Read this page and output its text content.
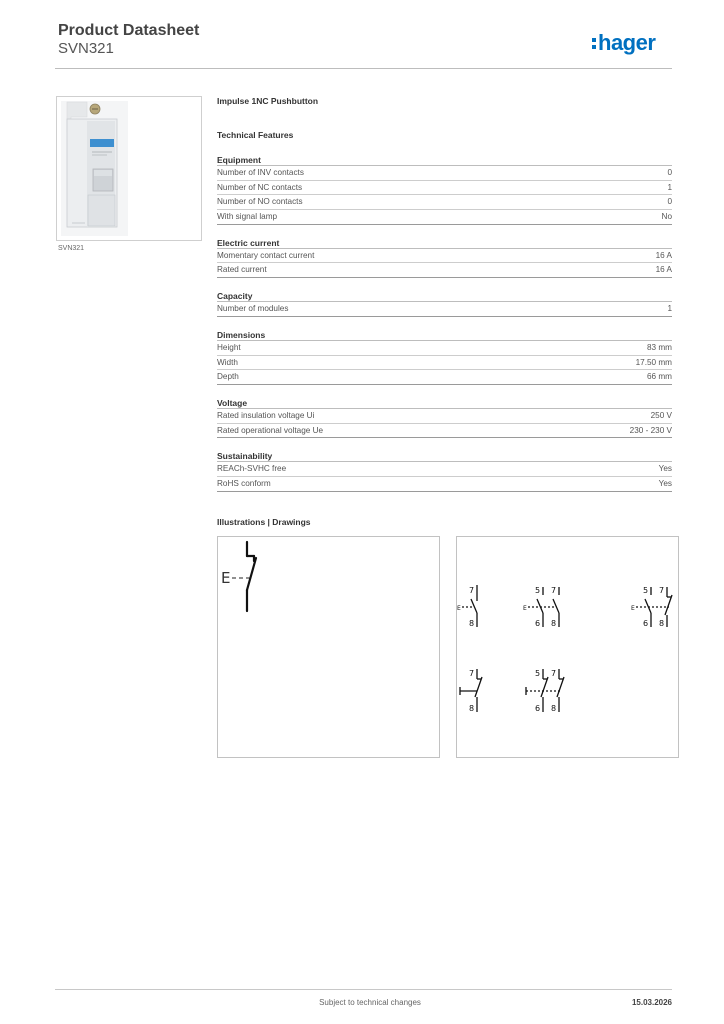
Product Datasheet
SVN321	hager
SVN321
Impulse 1NC Pushbutton
Technical Features
Equipment
Number of INV contacts	0
Number of NC contacts	1
Number of NO contacts	0
With signal lamp	No
Electric current
Momentary contact current	16 A
Rated current	16 A
Capacity
Number of modules	1
Dimensions
Height	83 mm
Width	17.50 mm
Depth	66 mm
Voltage
Rated insulation voltage Ui	250 V
Rated operational voltage Ue	230 - 230 V
Sustainability
REACh-SVHC free	Yes
RoHS conform	Yes
Illustrations | Drawings
E
7
8
E
5 7
6 8
E
5 7
6 8
E
7
8
5 7
6 8
Subject to technical changes	15.03.2026
